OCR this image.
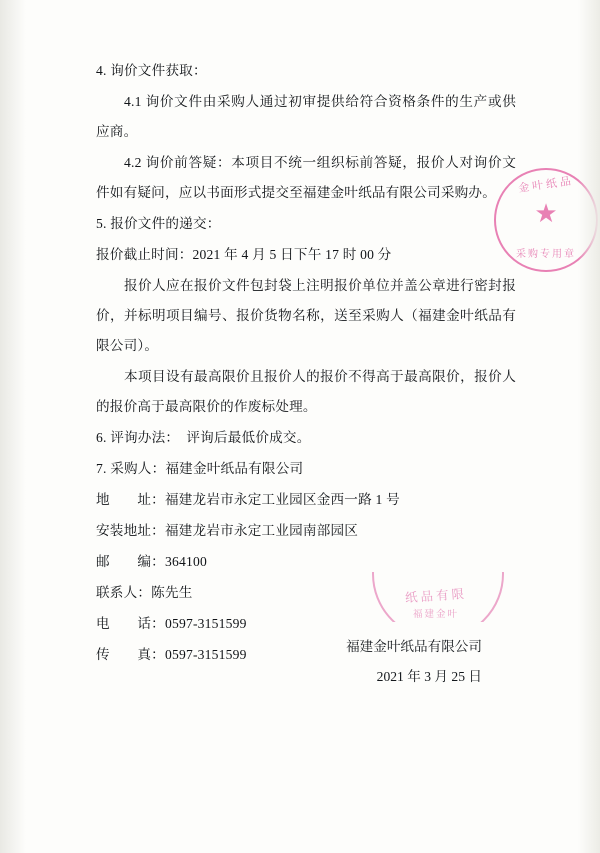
4. 询价文件获取：

4.1 询价文件由采购人通过初审提供给符合资格条件的生产或供应商。

4.2 询价前答疑：本项目不统一组织标前答疑，报价人对询价文件如有疑问，应以书面形式提交至福建金叶纸品有限公司采购办。

5. 报价文件的递交：

报价截止时间：2021 年 4 月 5 日下午 17 时 00 分

报价人应在报价文件包封袋上注明报价单位并盖公章进行密封报价，并标明项目编号、报价货物名称，送至采购人（福建金叶纸品有限公司）。

本项目设有最高限价且报价人的报价不得高于最高限价，报价人的报价高于最高限价的作废标处理。

6. 评询办法：  评询后最低价成交。

7. 采购人：福建金叶纸品有限公司

地　　址：福建龙岩市永定工业园区金西一路 1 号

安装地址：福建龙岩市永定工业园南部园区

邮　　编：364100

联系人：陈先生

电　　话：0597-3151599

传　　真：0597-3151599

福建金叶纸品有限公司
2021 年 3 月 25 日
金叶纸品
★
采购专用章
纸品有限
福建金叶
